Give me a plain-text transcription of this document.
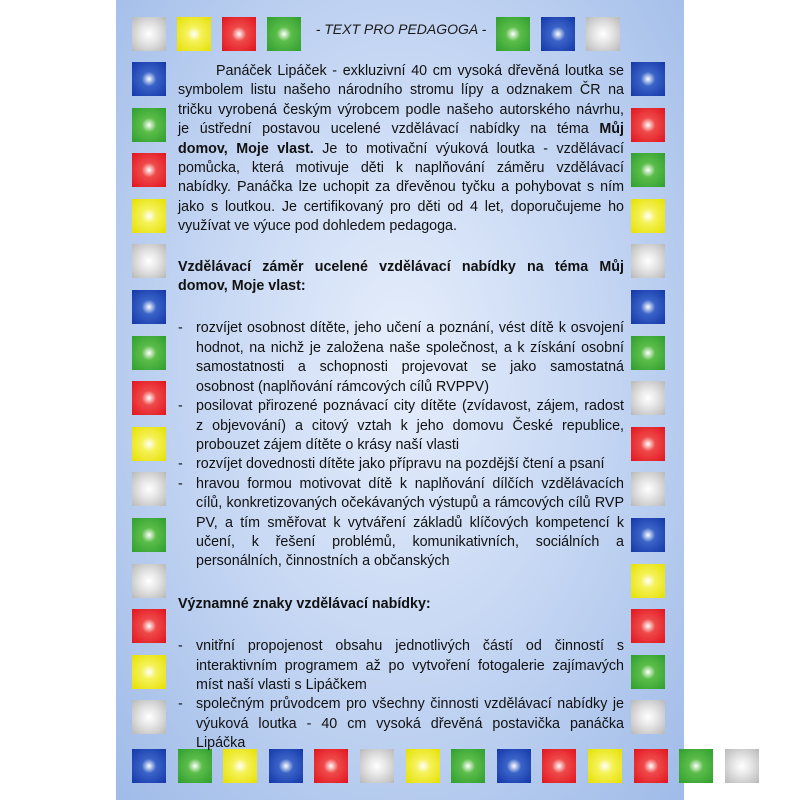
- TEXT PRO PEDAGOGA -

Panáček Lipáček - exkluzivní 40 cm vysoká dřevěná loutka se symbolem listu našeho národního stromu lípy a odznakem ČR na tričku vyrobená českým výrobcem podle našeho autorského návrhu, je ústřední postavou ucelené vzdělávací nabídky na téma Můj domov, Moje vlast. Je to motivační výuková loutka - vzdělávací pomůcka, která motivuje děti k naplňování záměru vzdělávací nabídky. Panáčka lze uchopit za dřevěnou tyčku a pohybovat s ním jako s loutkou. Je certifikovaný pro děti od 4 let, doporučujeme ho využívat ve výuce pod dohledem pedagoga.

Vzdělávací záměr ucelené vzdělávací nabídky na téma Můj domov, Moje vlast:
- rozvíjet osobnost dítěte, jeho učení a poznání, vést dítě k osvojení hodnot, na nichž je založena naše společnost, a k získání osobní samostatnosti a schopnosti projevovat se jako samostatná osobnost (naplňování rámcových cílů RVPPV)
- posilovat přirozené poznávací city dítěte (zvídavost, zájem, radost z objevování) a citový vztah k jeho domovu České republice, probouzet zájem dítěte o krásy naší vlasti
- rozvíjet dovednosti dítěte jako přípravu na pozdější čtení a psaní
- hravou formou motivovat dítě k naplňování dílčích vzdělávacích cílů, konkretizovaných očekávaných výstupů a rámcových cílů RVP PV, a tím směřovat k vytváření základů klíčových kompetencí k učení, k řešení problémů, komunikativních, sociálních a personálních, činnostních a občanských
Významné znaky vzdělávací nabídky:
- vnitřní propojenost obsahu jednotlivých částí od činností s interaktivním programem až po vytvoření fotogalerie zajímavých míst naší vlasti s Lipáčkem
- společným průvodcem pro všechny činnosti vzdělávací nabídky je výuková loutka - 40 cm vysoká dřevěná postavička panáčka Lipáčka
